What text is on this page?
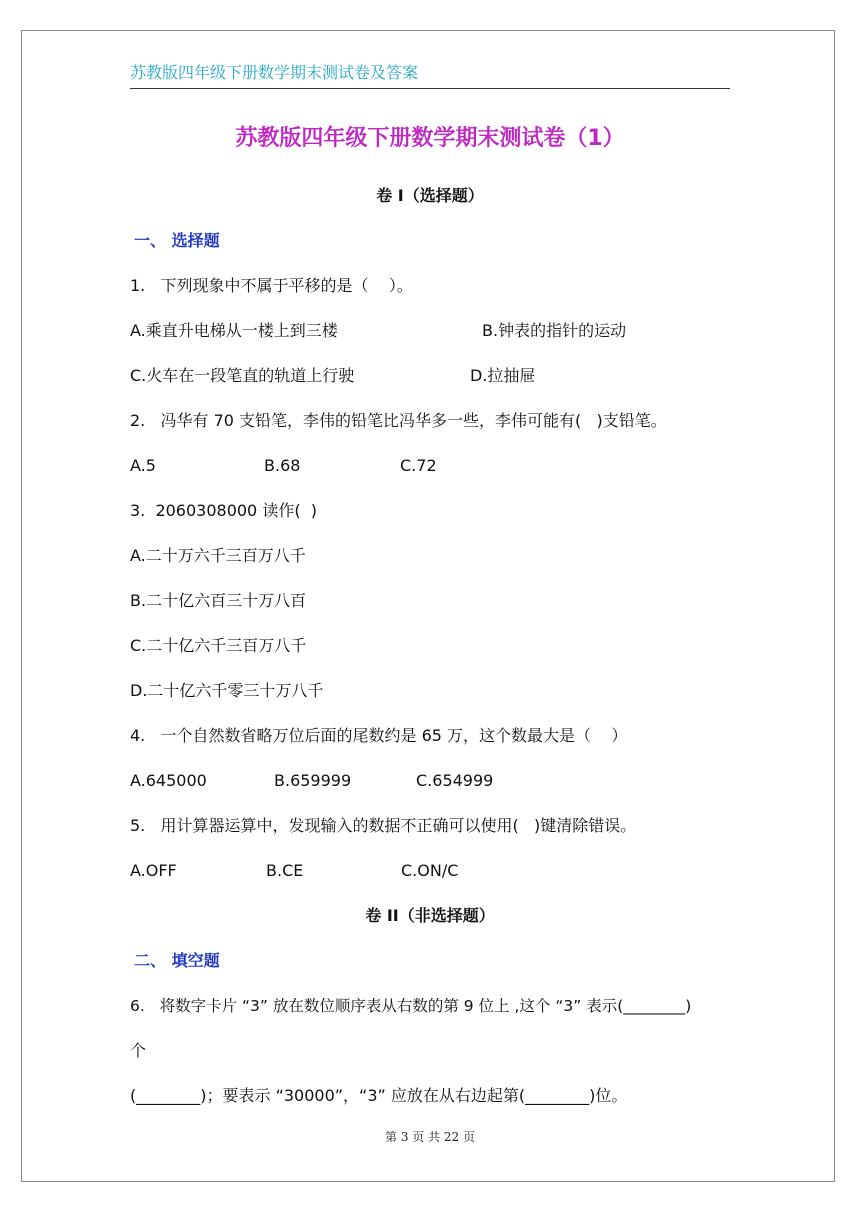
苏教版四年级下册数学期末测试卷及答案
苏教版四年级下册数学期末测试卷（1）
卷 I（选择题）
一、 选择题
1.   下列现象中不属于平移的是（    ）。
A.乘直升电梯从一楼上到三楼	B.钟表的指针的运动
C.火车在一段笔直的轨道上行驶	D.拉抽屉
2.   冯华有 70 支铅笔，李伟的铅笔比冯华多一些，李伟可能有(   )支铅笔。
A.5	B.68	C.72
3.  2060308000 读作(  )
A.二十万六千三百万八千
B.二十亿六百三十万八百
C.二十亿六千三百万八千
D.二十亿六千零三十万八千
4.   一个自然数省略万位后面的尾数约是 65 万，这个数最大是（    ）
A.645000	B.659999	C.654999
5.   用计算器运算中，发现输入的数据不正确可以使用(   )键清除错误。
A.OFF	B.CE	C.ON/C
卷 II（非选择题）
二、 填空题
6.   将数字卡片 “3” 放在数位顺序表从右数的第 9 位上 ,这个 “3” 表示(________)
个
(________)；要表示 “30000”，“3” 应放在从右边起第(________)位。
第 3 页 共 22 页
